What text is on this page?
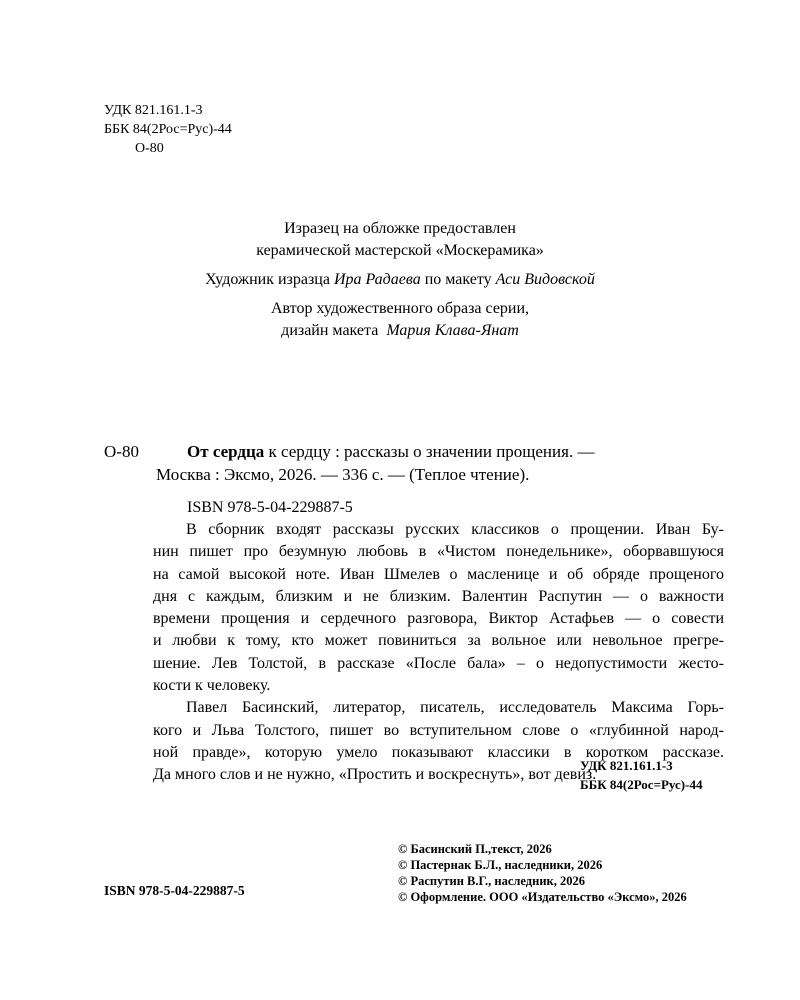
УДК 821.161.1-3
ББК 84(2Рос=Рус)-44
О-80
Изразец на обложке предоставлен
керамической мастерской «Москерамика»
Художник изразца Ира Радаева по макету Аси Видовской
Автор художественного образа серии,
дизайн макета Мария Клава-Янат
О-80	От сердца к сердцу : рассказы о значении прощения. —
Москва : Эксмо, 2026. — 336 с. — (Теплое чтение).
ISBN 978-5-04-229887-5
В сборник входят рассказы русских классиков о прощении. Иван Бу-
нин пишет про безумную любовь в «Чистом понедельнике», оборвавшуюся
на самой высокой ноте. Иван Шмелев о масленице и об обряде прощеного
дня с каждым, близким и не близким. Валентин Распутин — о важности
времени прощения и сердечного разговора, Виктор Астафьев — о совести
и любви к тому, кто может повиниться за вольное или невольное прегре-
шение. Лев Толстой, в рассказе «После бала» – о недопустимости жесто-
кости к человеку.
Павел Басинский, литератор, писатель, исследователь Максима Горь-
кого и Льва Толстого, пишет во вступительном слове о «глубинной народ-
ной правде», которую умело показывают классики в коротком рассказе.
Да много слов и не нужно, «Простить и воскреснуть», вот девиз.
УДК 821.161.1-3
ББК 84(2Рос=Рус)-44
© Басинский П.,текст, 2026
© Пастернак Б.Л., наследники, 2026
© Распутин В.Г., наследник, 2026
© Оформление. ООО «Издательство «Эксмо», 2026
ISBN 978-5-04-229887-5
